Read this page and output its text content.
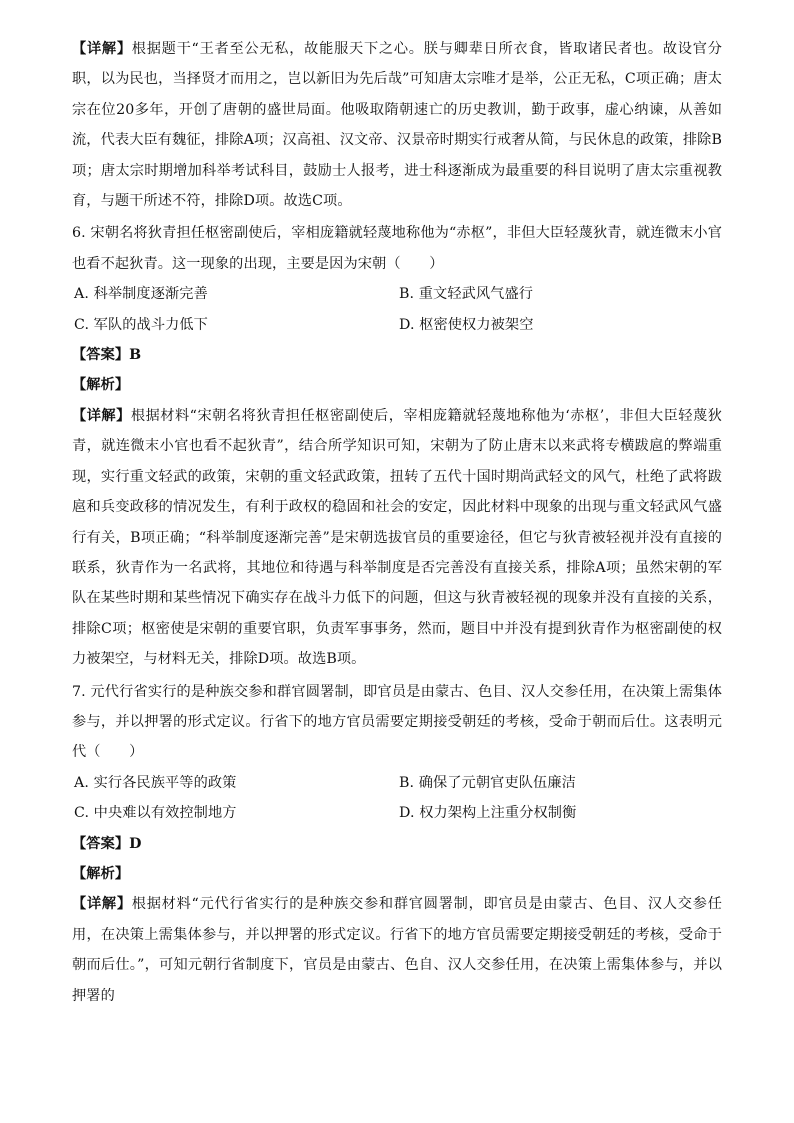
【详解】根据题干“王者至公无私，故能服天下之心。朕与卿辈日所衣食，皆取诸民者也。故设官分职，以为民也，当择贤才而用之，岂以新旧为先后哉”可知唐太宗唯才是举，公正无私，C项正确；唐太宗在位20多年，开创了唐朝的盛世局面。他吸取隋朝速亡的历史教训，勤于政事，虚心纳谏，从善如流，代表大臣有魏征，排除A项；汉高祖、汉文帝、汉景帝时期实行戒奢从简，与民休息的政策，排除B项；唐太宗时期增加科举考试科目，鼓励士人报考，进士科逐渐成为最重要的科目说明了唐太宗重视教育，与题干所述不符，排除D项。故选C项。

6. 宋朝名将狄青担任枢密副使后，宰相庞籍就轻蔑地称他为“赤枢”，非但大臣轻蔑狄青，就连微末小官也看不起狄青。这一现象的出现，主要是因为宋朝（　　）

A. 科举制度逐渐完善	B. 重文轻武风气盛行
C. 军队的战斗力低下	D. 枢密使权力被架空

【答案】B

【解析】

【详解】根据材料“宋朝名将狄青担任枢密副使后，宰相庞籍就轻蔑地称他为‘赤枢’，非但大臣轻蔑狄青，就连微末小官也看不起狄青”，结合所学知识可知，宋朝为了防止唐末以来武将专横跋扈的弊端重现，实行重文轻武的政策，宋朝的重文轻武政策，扭转了五代十国时期尚武轻文的风气，杜绝了武将跋扈和兵变政移的情况发生，有利于政权的稳固和社会的安定，因此材料中现象的出现与重文轻武风气盛行有关，B项正确；“科举制度逐渐完善”是宋朝选拔官员的重要途径，但它与狄青被轻视并没有直接的联系，狄青作为一名武将，其地位和待遇与科举制度是否完善没有直接关系，排除A项；虽然宋朝的军队在某些时期和某些情况下确实存在战斗力低下的问题，但这与狄青被轻视的现象并没有直接的关系，排除C项；枢密使是宋朝的重要官职，负责军事事务，然而，题目中并没有提到狄青作为枢密副使的权力被架空，与材料无关，排除D项。故选B项。

7. 元代行省实行的是种族交参和群官圆署制，即官员是由蒙古、色目、汉人交参任用，在决策上需集体参与，并以押署的形式定议。行省下的地方官员需要定期接受朝廷的考核，受命于朝而后仕。这表明元代（　　）

A. 实行各民族平等的政策	B. 确保了元朝官吏队伍廉洁
C. 中央难以有效控制地方	D. 权力架构上注重分权制衡

【答案】D

【解析】

【详解】根据材料“元代行省实行的是种族交参和群官圆署制，即官员是由蒙古、色目、汉人交参任用，在决策上需集体参与，并以押署的形式定议。行省下的地方官员需要定期接受朝廷的考核，受命于朝而后仕。”，可知元朝行省制度下，官员是由蒙古、色自、汉人交参任用，在决策上需集体参与，并以押署的
